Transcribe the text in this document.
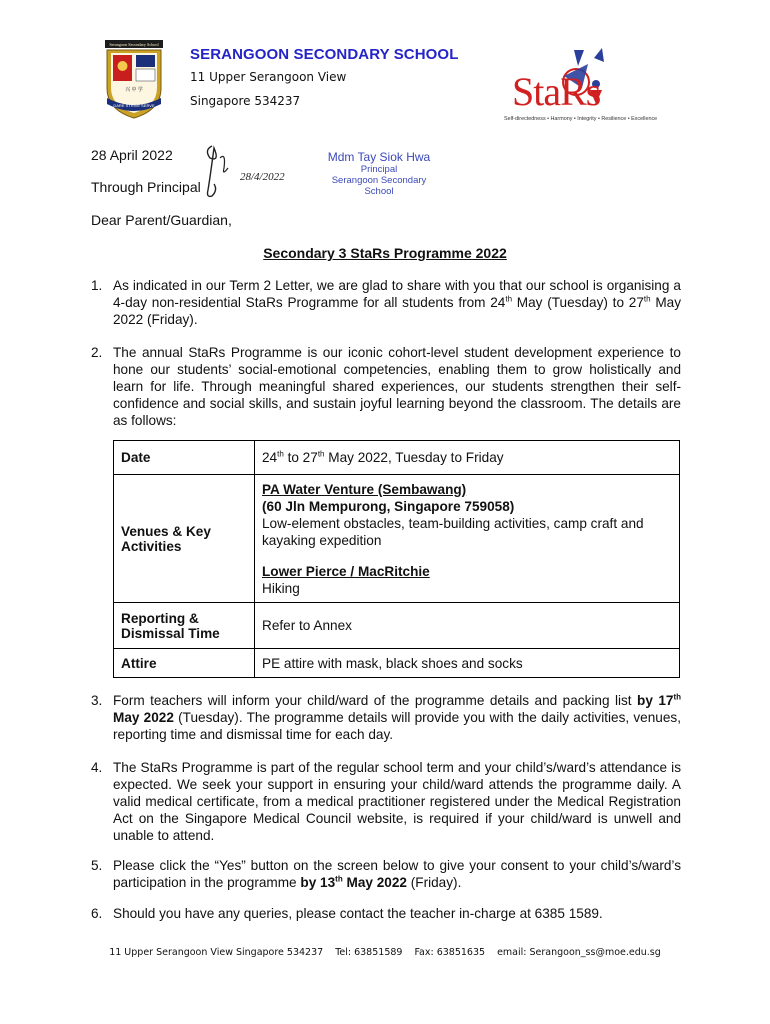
Serangoon Secondary School
兴 中 学
DARE STRIVE SERVE
SERANGOON SECONDARY SCHOOL
11 Upper Serangoon View
Singapore 534237	StaRs
Self-directedness • Harmony • Integrity • Resilience • Excellence
28 April 2022
Through Principal
28/4/2022
Mdm Tay Siok Hwa
Principal
Serangoon Secondary School
Dear Parent/Guardian,
Secondary 3 StaRs Programme 2022
1. As indicated in our Term 2 Letter, we are glad to share with you that our school is organising a 4-day non-residential StaRs Programme for all students from 24th May (Tuesday) to 27th May 2022 (Friday).
2. The annual StaRs Programme is our iconic cohort-level student development experience to hone our students’ social-emotional competencies, enabling them to grow holistically and learn for life. Through meaningful shared experiences, our students strengthen their self-confidence and social skills, and sustain joyful learning beyond the classroom. The details are as follows:
Date	24th to 27th May 2022, Tuesday to Friday
Venues & Key Activities	PA Water Venture (Sembawang)
(60 Jln Mempurong, Singapore 759058)
Low-element obstacles, team-building activities, camp craft and kayaking expedition
Lower Pierce / MacRitchie
Hiking

Reporting & Dismissal Time	Refer to Annex
Attire	PE attire with mask, black shoes and socks
3. Form teachers will inform your child/ward of the programme details and packing list by 17th May 2022 (Tuesday). The programme details will provide you with the daily activities, venues, reporting time and dismissal time for each day.
4. The StaRs Programme is part of the regular school term and your child’s/ward’s attendance is expected. We seek your support in ensuring your child/ward attends the programme daily. A valid medical certificate, from a medical practitioner registered under the Medical Registration Act on the Singapore Medical Council website, is required if your child/ward is unwell and unable to attend.
5. Please click the “Yes” button on the screen below to give your consent to your child’s/ward’s participation in the programme by 13th May 2022 (Friday).
6. Should you have any queries, please contact the teacher in-charge at 6385 1589.
11 Upper Serangoon View Singapore 534237 Tel: 63851589 Fax: 63851635 email: Serangoon_ss@moe.edu.sg
